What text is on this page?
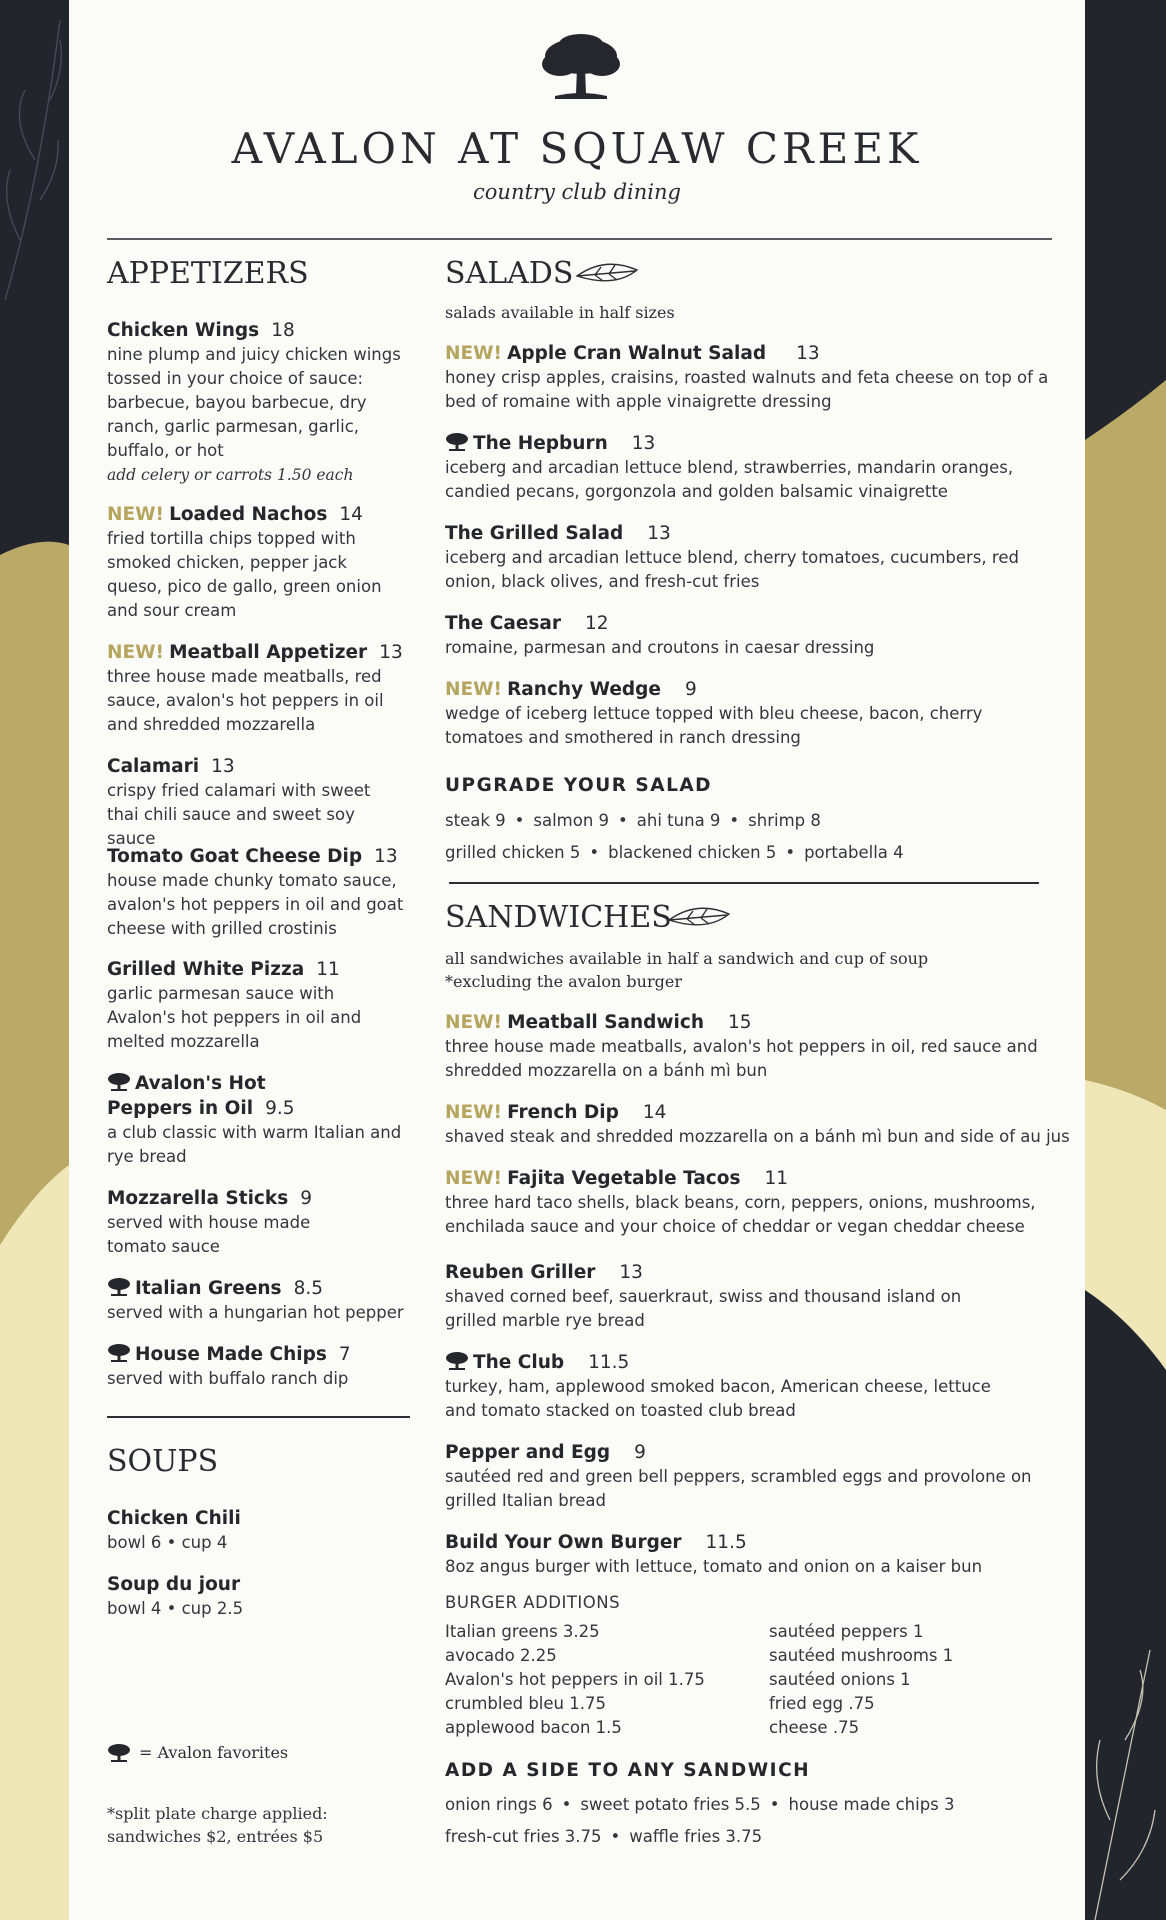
AVALON AT SQUAW CREEK
country club dining
APPETIZERS
Chicken Wings 18
nine plump and juicy chicken wings tossed in your choice of sauce: barbecue, bayou barbecue, dry ranch, garlic parmesan, garlic, buffalo, or hot
add celery or carrots 1.50 each
NEW! Loaded Nachos 14
fried tortilla chips topped with smoked chicken, pepper jack queso, pico de gallo, green onion and sour cream
NEW! Meatball Appetizer 13
three house made meatballs, red sauce, avalon's hot peppers in oil and shredded mozzarella
Calamari 13
crispy fried calamari with sweet thai chili sauce and sweet soy sauce
Tomato Goat Cheese Dip 13
house made chunky tomato sauce, avalon's hot peppers in oil and goat cheese with grilled crostinis
Grilled White Pizza 11
garlic parmesan sauce with Avalon's hot peppers in oil and melted mozzarella
Avalon's Hot Peppers in Oil 9.5
a club classic with warm Italian and rye bread
Mozzarella Sticks 9
served with house made tomato sauce
Italian Greens 8.5
served with a hungarian hot pepper
House Made Chips 7
served with buffalo ranch dip
SOUPS
Chicken Chili
bowl 6 • cup 4
Soup du jour
bowl 4 • cup 2.5
= Avalon favorites
*split plate charge applied:
sandwiches $2, entrées $5
SALADS
salads available in half sizes
NEW! Apple Cran Walnut Salad 13
honey crisp apples, craisins, roasted walnuts and feta cheese on top of a bed of romaine with apple vinaigrette dressing
The Hepburn 13
iceberg and arcadian lettuce blend, strawberries, mandarin oranges, candied pecans, gorgonzola and golden balsamic vinaigrette
The Grilled Salad 13
iceberg and arcadian lettuce blend, cherry tomatoes, cucumbers, red onion, black olives, and fresh-cut fries
The Caesar 12
romaine, parmesan and croutons in caesar dressing
NEW! Ranchy Wedge 9
wedge of iceberg lettuce topped with bleu cheese, bacon, cherry tomatoes and smothered in ranch dressing
UPGRADE YOUR SALAD
steak 9 • salmon 9 • ahi tuna 9 • shrimp 8
grilled chicken 5 • blackened chicken 5 • portabella 4
SANDWICHES
all sandwiches available in half a sandwich and cup of soup
*excluding the avalon burger
NEW! Meatball Sandwich 15
three house made meatballs, avalon's hot peppers in oil, red sauce and shredded mozzarella on a bánh mì bun
NEW! French Dip 14
shaved steak and shredded mozzarella on a bánh mì bun and side of au jus
NEW! Fajita Vegetable Tacos 11
three hard taco shells, black beans, corn, peppers, onions, mushrooms, enchilada sauce and your choice of cheddar or vegan cheddar cheese
Reuben Griller 13
shaved corned beef, sauerkraut, swiss and thousand island on grilled marble rye bread
The Club 11.5
turkey, ham, applewood smoked bacon, American cheese, lettuce and tomato stacked on toasted club bread
Pepper and Egg 9
sautéed red and green bell peppers, scrambled eggs and provolone on grilled Italian bread
Build Your Own Burger 11.5
8oz angus burger with lettuce, tomato and onion on a kaiser bun
BURGER ADDITIONS
Italian greens 3.25
avocado 2.25
Avalon's hot peppers in oil 1.75
crumbled bleu 1.75
applewood bacon 1.5
sautéed peppers 1
sautéed mushrooms 1
sautéed onions 1
fried egg .75
cheese .75
ADD A SIDE TO ANY SANDWICH
onion rings 6 • sweet potato fries 5.5 • house made chips 3
fresh-cut fries 3.75 • waffle fries 3.75
